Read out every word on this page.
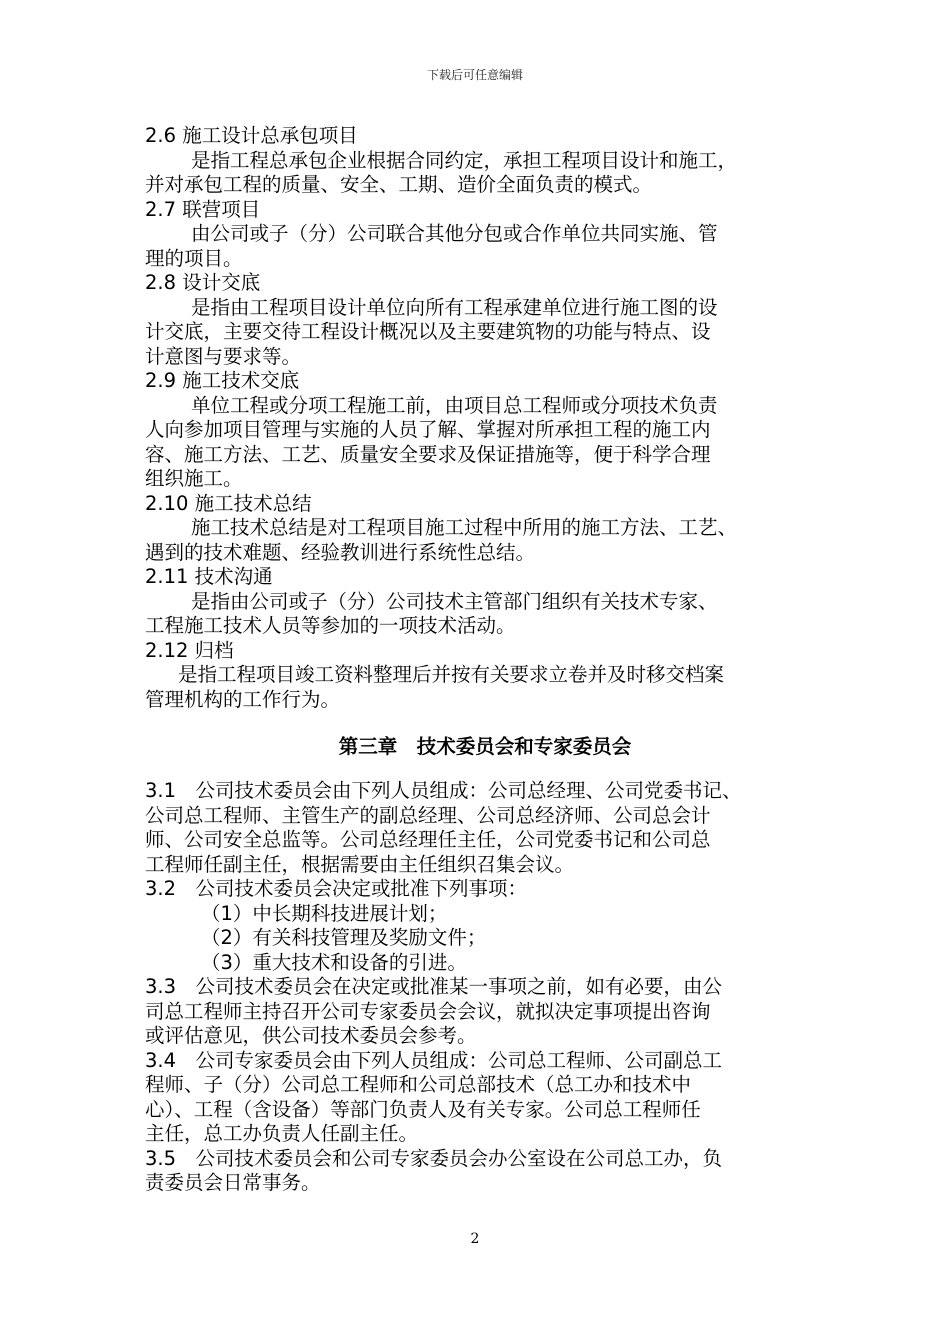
下载后可任意编辑
2.6 施工设计总承包项目
是指工程总承包企业根据合同约定，承担工程项目设计和施工，
并对承包工程的质量、安全、工期、造价全面负责的模式。
2.7 联营项目
由公司或子（分）公司联合其他分包或合作单位共同实施、管
理的项目。
2.8 设计交底
是指由工程项目设计单位向所有工程承建单位进行施工图的设
计交底，主要交待工程设计概况以及主要建筑物的功能与特点、设
计意图与要求等。
2.9 施工技术交底
单位工程或分项工程施工前，由项目总工程师或分项技术负责
人向参加项目管理与实施的人员了解、掌握对所承担工程的施工内
容、施工方法、工艺、质量安全要求及保证措施等，便于科学合理
组织施工。
2.10 施工技术总结
施工技术总结是对工程项目施工过程中所用的施工方法、工艺、
遇到的技术难题、经验教训进行系统性总结。
2.11 技术沟通
是指由公司或子（分）公司技术主管部门组织有关技术专家、
工程施工技术人员等参加的一项技术活动。
2.12 归档
是指工程项目竣工资料整理后并按有关要求立卷并及时移交档案
管理机构的工作行为。
第三章　技术委员会和专家委员会
3.1　公司技术委员会由下列人员组成：公司总经理、公司党委书记、
公司总工程师、主管生产的副总经理、公司总经济师、公司总会计
师、公司安全总监等。公司总经理任主任，公司党委书记和公司总
工程师任副主任，根据需要由主任组织召集会议。
3.2　公司技术委员会决定或批准下列事项：
（1）中长期科技进展计划；
（2）有关科技管理及奖励文件；
（3）重大技术和设备的引进。
3.3　公司技术委员会在决定或批准某一事项之前，如有必要，由公
司总工程师主持召开公司专家委员会会议，就拟决定事项提出咨询
或评估意见，供公司技术委员会参考。
3.4　公司专家委员会由下列人员组成：公司总工程师、公司副总工
程师、子（分）公司总工程师和公司总部技术（总工办和技术中
心）、工程（含设备）等部门负责人及有关专家。公司总工程师任
主任，总工办负责人任副主任。
3.5　公司技术委员会和公司专家委员会办公室设在公司总工办，负
责委员会日常事务。
2
